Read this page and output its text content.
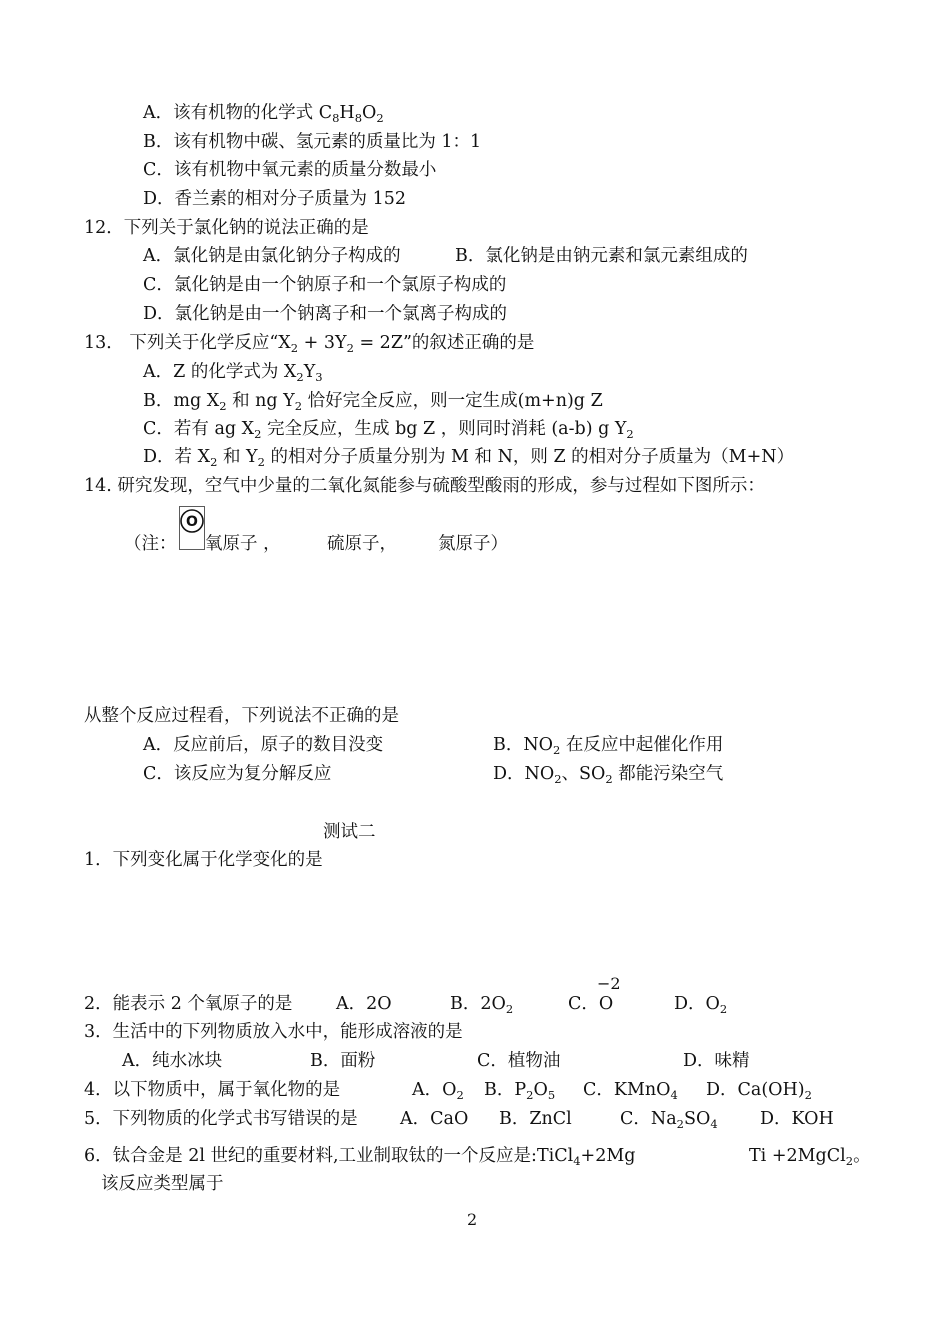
A．该有机物的化学式 $C_8H_8O_2$
B．该有机物中碳、氢元素的质量比为 1：1
C．该有机物中氧元素的质量分数最小
D．香兰素的相对分子质量为 152
12．下列关于氯化钠的说法正确的是
A．氯化钠是由氯化钠分子构成的	B．氯化钠是由钠元素和氯元素组成的
C．氯化钠是由一个钠原子和一个氯原子构成的
D．氯化钠是由一个钠离子和一个氯离子构成的
13． 下列关于化学反应“$X_2 + 3Y_2 = 2Z$”的叙述正确的是
A．Z 的化学式为 $X_2Y_3$
B．mg $X_2$ 和 ng $Y_2$ 恰好完全反应，则一定生成(m+n)g Z
C．若有 ag $X_2$ 完全反应，生成 bg Z ，则同时消耗 (a-b) g $Y_2$
D．若 $X_2$ 和 $Y_2$ 的相对分子质量分别为 M 和 N，则 Z 的相对分子质量为（M+N）
14. 研究发现，空气中少量的二氧化氮能参与硫酸型酸雨的形成，参与过程如下图所示：
（注：
O
氧原子 ，	硫原子， 氮原子）
从整个反应过程看，下列说法不正确的是
A．反应前后，原子的数目没变	B．$NO_2$ 在反应中起催化作用
C．该反应为复分解反应	D．$NO_2$、$SO_2$ 都能污染空气
测试二
1．下列变化属于化学变化的是
−2
2．能表示 2 个氧原子的是 A．2O	B．$2O_2$	C．O	D．$O_2$
3．生活中的下列物质放入水中，能形成溶液的是
A．纯水冰块	B．面粉	C．植物油	D．味精
4．以下物质中，属于氧化物的是	A．$O_2$ B．$P_2O_5$ C．KMnO$_4$ D．$Ca(OH)_2$
5．下列物质的化学式书写错误的是 A．CaO B．ZnCl	C．$Na_2SO_4$ D．KOH
6．钛合金是 2l 世纪的重要材料,工业制取钛的一个反应是:TiCl$_4$+2Mg	Ti +2MgCl$_2$。
该反应类型属于
2
